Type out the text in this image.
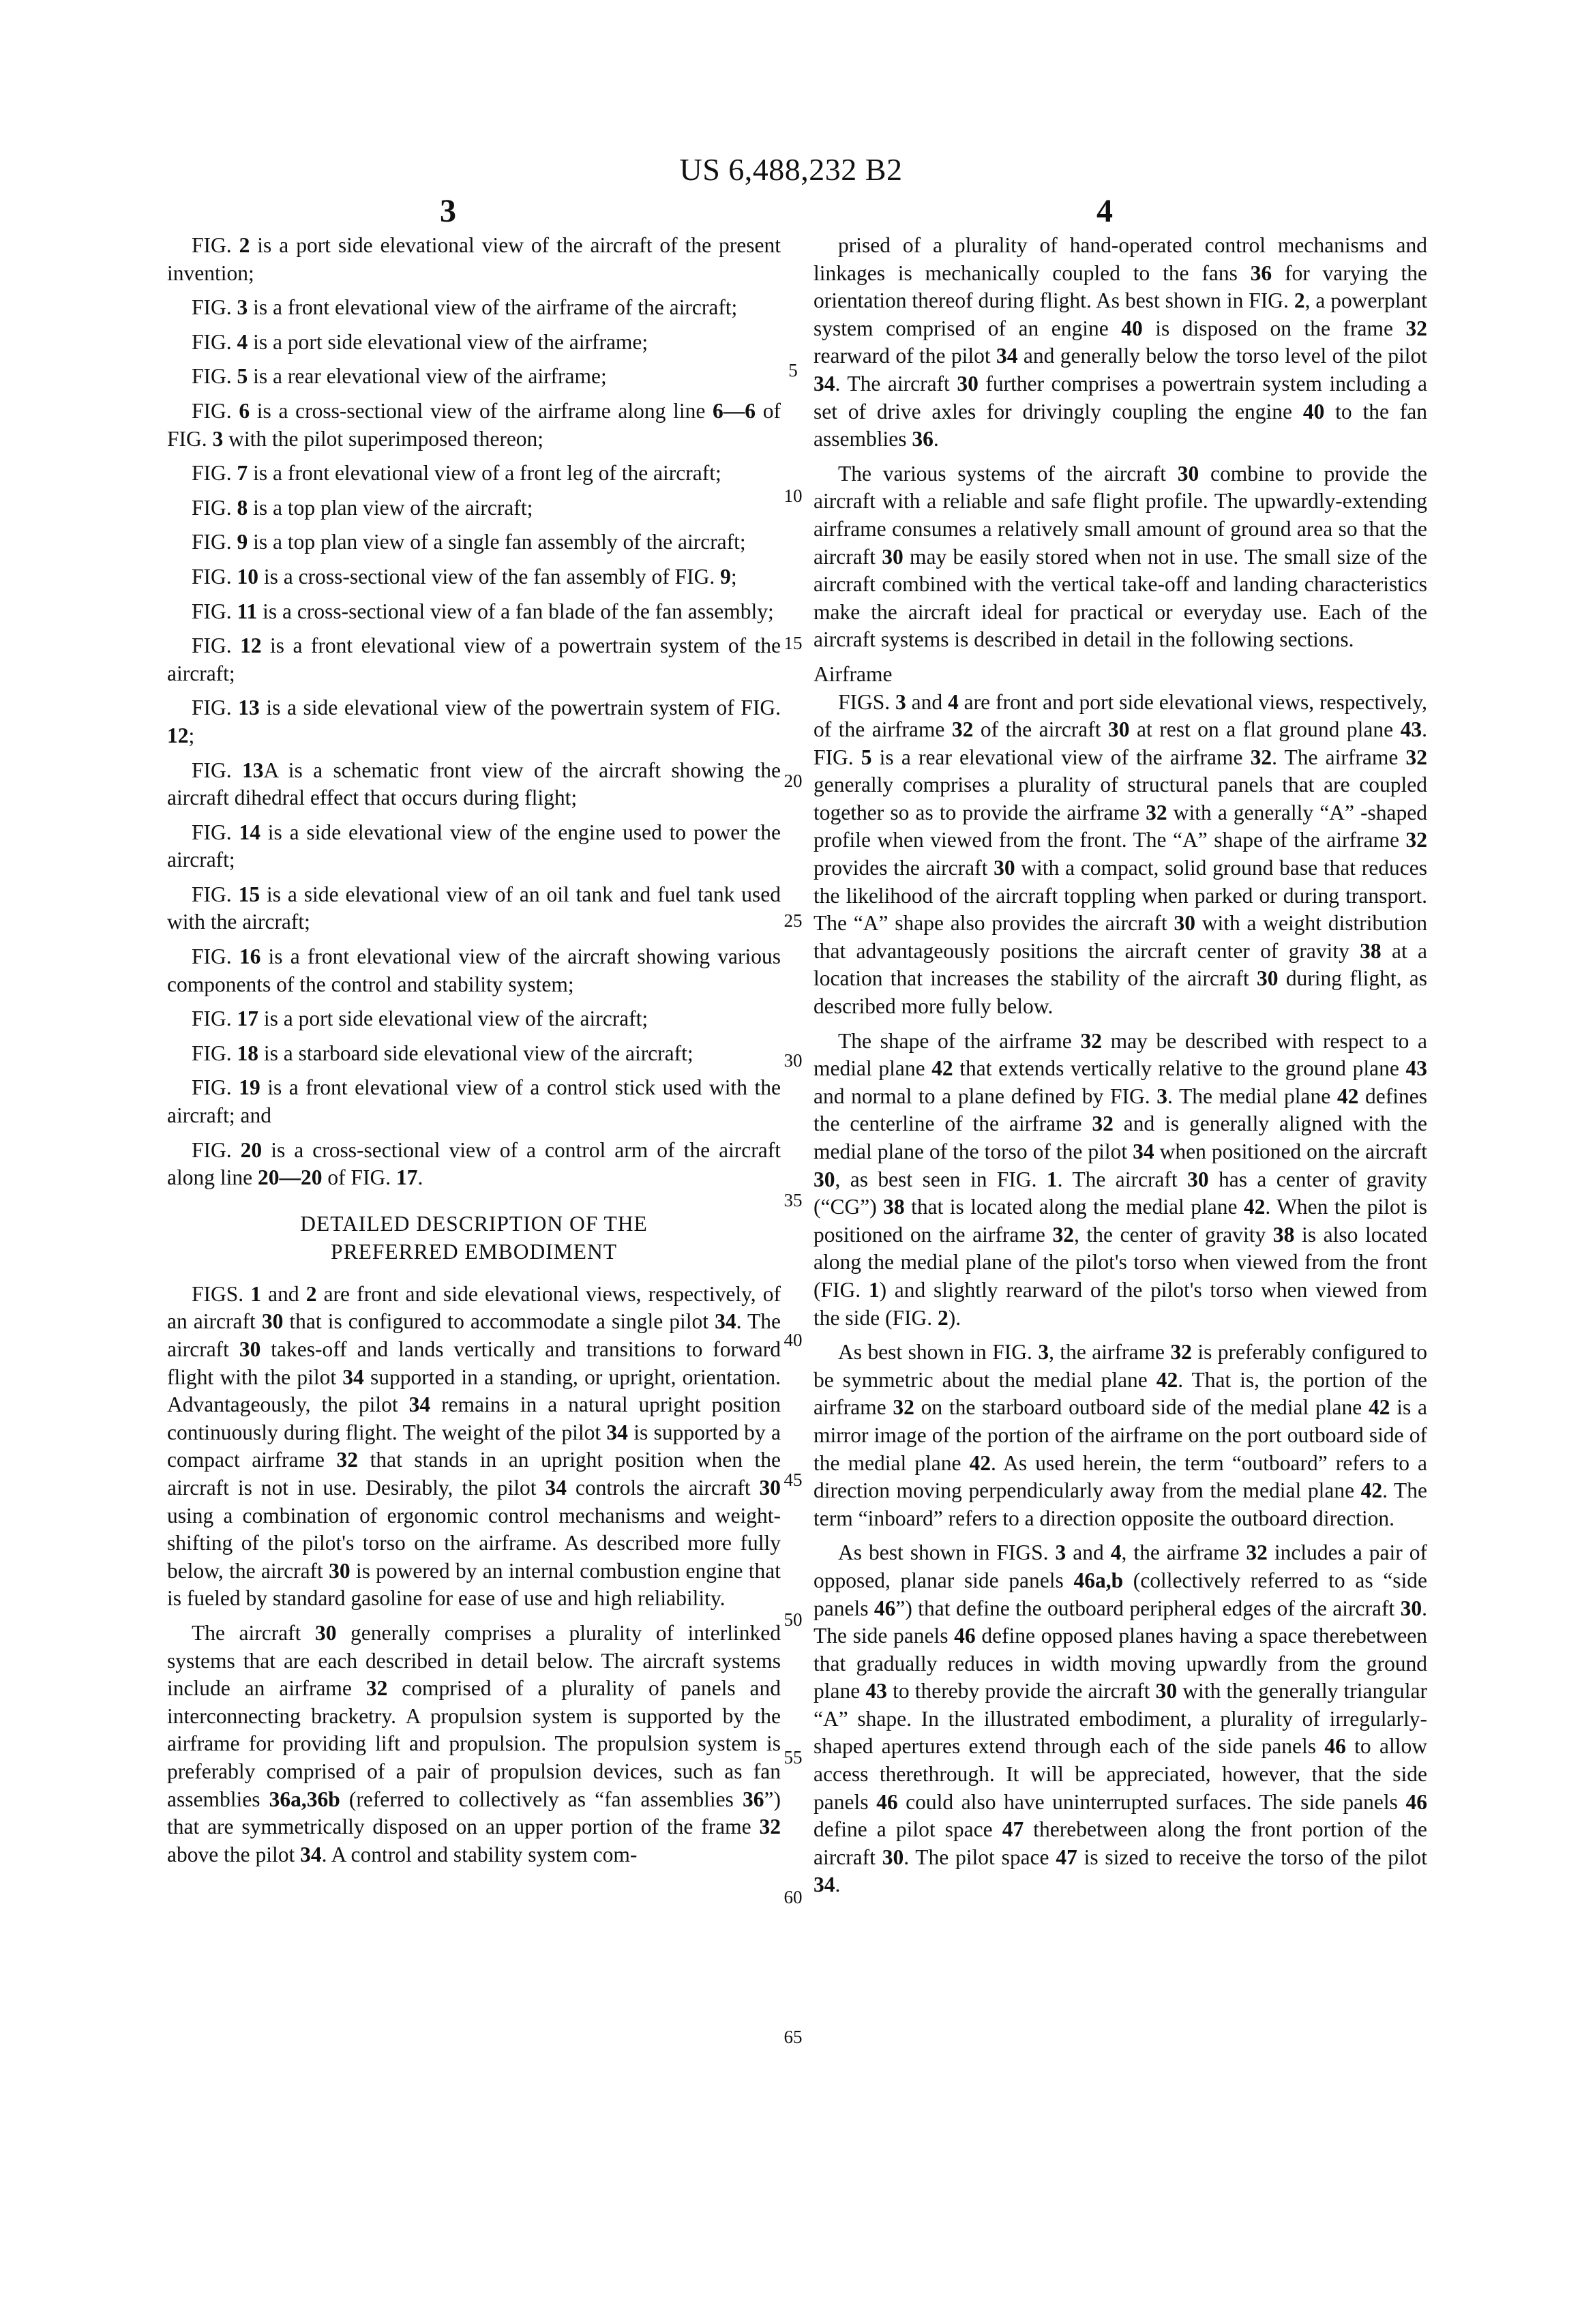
US 6,488,232 B2
3	4

FIG. 2 is a port side elevational view of the aircraft of the present invention;

FIG. 3 is a front elevational view of the airframe of the aircraft;

FIG. 4 is a port side elevational view of the airframe;

FIG. 5 is a rear elevational view of the airframe;

FIG. 6 is a cross-sectional view of the airframe along line 6—6 of FIG. 3 with the pilot superimposed thereon;

FIG. 7 is a front elevational view of a front leg of the aircraft;

FIG. 8 is a top plan view of the aircraft;

FIG. 9 is a top plan view of a single fan assembly of the aircraft;

FIG. 10 is a cross-sectional view of the fan assembly of FIG. 9;

FIG. 11 is a cross-sectional view of a fan blade of the fan assembly;

FIG. 12 is a front elevational view of a powertrain system of the aircraft;

FIG. 13 is a side elevational view of the powertrain system of FIG. 12;

FIG. 13A is a schematic front view of the aircraft showing the aircraft dihedral effect that occurs during flight;

FIG. 14 is a side elevational view of the engine used to power the aircraft;

FIG. 15 is a side elevational view of an oil tank and fuel tank used with the aircraft;

FIG. 16 is a front elevational view of the aircraft showing various components of the control and stability system;

FIG. 17 is a port side elevational view of the aircraft;

FIG. 18 is a starboard side elevational view of the aircraft;

FIG. 19 is a front elevational view of a control stick used with the aircraft; and

FIG. 20 is a cross-sectional view of a control arm of the aircraft along line 20—20 of FIG. 17.

DETAILED DESCRIPTION OF THE
PREFERRED EMBODIMENT

FIGS. 1 and 2 are front and side elevational views, respectively, of an aircraft 30 that is configured to accommodate a single pilot 34. The aircraft 30 takes-off and lands vertically and transitions to forward flight with the pilot 34 supported in a standing, or upright, orientation. Advantageously, the pilot 34 remains in a natural upright position continuously during flight. The weight of the pilot 34 is supported by a compact airframe 32 that stands in an upright position when the aircraft is not in use. Desirably, the pilot 34 controls the aircraft 30 using a combination of ergonomic control mechanisms and weight-shifting of the pilot's torso on the airframe. As described more fully below, the aircraft 30 is powered by an internal combustion engine that is fueled by standard gasoline for ease of use and high reliability.

The aircraft 30 generally comprises a plurality of interlinked systems that are each described in detail below. The aircraft systems include an airframe 32 comprised of a plurality of panels and interconnecting bracketry. A propulsion system is supported by the airframe for providing lift and propulsion. The propulsion system is preferably comprised of a pair of propulsion devices, such as fan assemblies 36a,36b (referred to collectively as “fan assemblies 36”) that are symmetrically disposed on an upper portion of the frame 32 above the pilot 34. A control and stability system com-

prised of a plurality of hand-operated control mechanisms and linkages is mechanically coupled to the fans 36 for varying the orientation thereof during flight. As best shown in FIG. 2, a powerplant system comprised of an engine 40 is disposed on the frame 32 rearward of the pilot 34 and generally below the torso level of the pilot 34. The aircraft 30 further comprises a powertrain system including a set of drive axles for drivingly coupling the engine 40 to the fan assemblies 36.

The various systems of the aircraft 30 combine to provide the aircraft with a reliable and safe flight profile. The upwardly-extending airframe consumes a relatively small amount of ground area so that the aircraft 30 may be easily stored when not in use. The small size of the aircraft combined with the vertical take-off and landing characteristics make the aircraft ideal for practical or everyday use. Each of the aircraft systems is described in detail in the following sections.

Airframe

FIGS. 3 and 4 are front and port side elevational views, respectively, of the airframe 32 of the aircraft 30 at rest on a flat ground plane 43. FIG. 5 is a rear elevational view of the airframe 32. The airframe 32 generally comprises a plurality of structural panels that are coupled together so as to provide the airframe 32 with a generally “A” -shaped profile when viewed from the front. The “A” shape of the airframe 32 provides the aircraft 30 with a compact, solid ground base that reduces the likelihood of the aircraft toppling when parked or during transport. The “A” shape also provides the aircraft 30 with a weight distribution that advantageously positions the aircraft center of gravity 38 at a location that increases the stability of the aircraft 30 during flight, as described more fully below.

The shape of the airframe 32 may be described with respect to a medial plane 42 that extends vertically relative to the ground plane 43 and normal to a plane defined by FIG. 3. The medial plane 42 defines the centerline of the airframe 32 and is generally aligned with the medial plane of the torso of the pilot 34 when positioned on the aircraft 30, as best seen in FIG. 1. The aircraft 30 has a center of gravity (“CG”) 38 that is located along the medial plane 42. When the pilot is positioned on the airframe 32, the center of gravity 38 is also located along the medial plane of the pilot's torso when viewed from the front (FIG. 1) and slightly rearward of the pilot's torso when viewed from the side (FIG. 2).

As best shown in FIG. 3, the airframe 32 is preferably configured to be symmetric about the medial plane 42. That is, the portion of the airframe 32 on the starboard outboard side of the medial plane 42 is a mirror image of the portion of the airframe on the port outboard side of the medial plane 42. As used herein, the term “outboard” refers to a direction moving perpendicularly away from the medial plane 42. The term “inboard” refers to a direction opposite the outboard direction.

As best shown in FIGS. 3 and 4, the airframe 32 includes a pair of opposed, planar side panels 46a,b (collectively referred to as “side panels 46”) that define the outboard peripheral edges of the aircraft 30. The side panels 46 define opposed planes having a space therebetween that gradually reduces in width moving upwardly from the ground plane 43 to thereby provide the aircraft 30 with the generally triangular “A” shape. In the illustrated embodiment, a plurality of irregularly-shaped apertures extend through each of the side panels 46 to allow access therethrough. It will be appreciated, however, that the side panels 46 could also have uninterrupted surfaces. The side panels 46 define a pilot space 47 therebetween along the front portion of the aircraft 30. The pilot space 47 is sized to receive the torso of the pilot 34.

5
10
15
20
25
30
35
40
45
50
55
60
65
